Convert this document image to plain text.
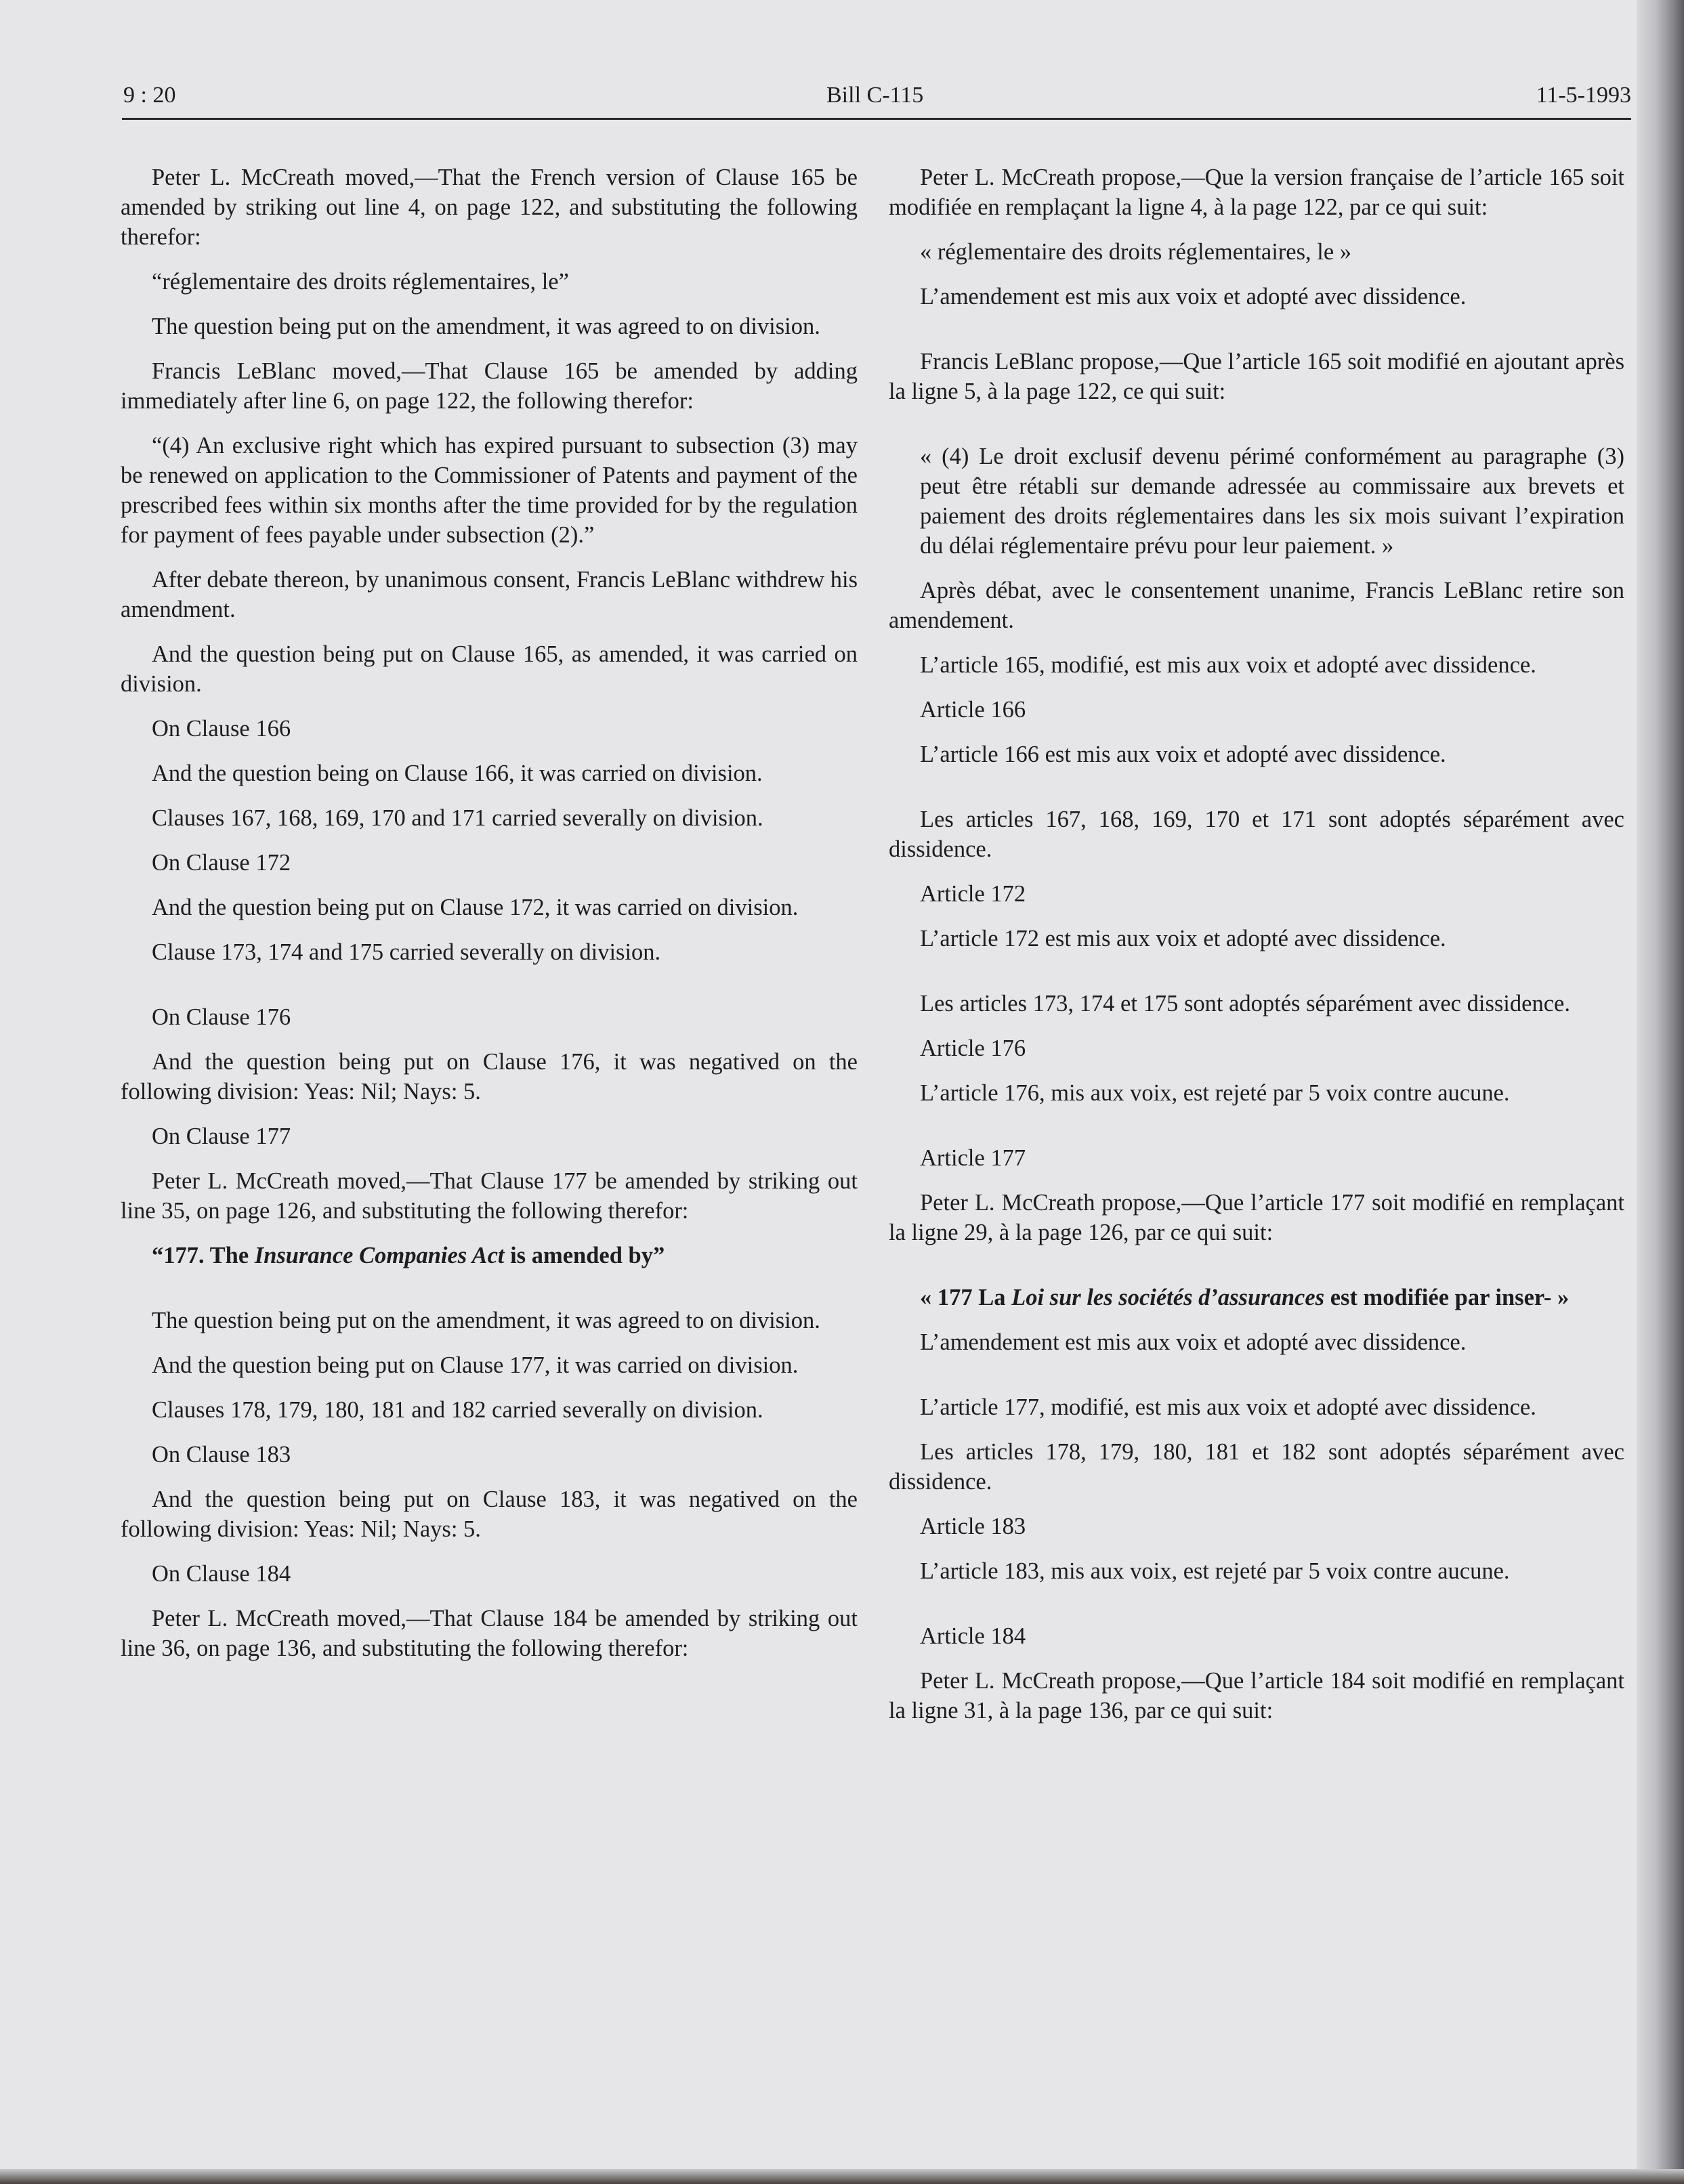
9 : 20	Bill C-115	11-5-1993

Peter L. McCreath moved,—That the French version of Clause 165 be amended by striking out line 4, on page 122, and substituting the following therefor:

“réglementaire des droits réglementaires, le”

The question being put on the amendment, it was agreed to on division.

Francis LeBlanc moved,—That Clause 165 be amended by adding immediately after line 6, on page 122, the following therefor:

“(4) An exclusive right which has expired pursuant to subsection (3) may be renewed on application to the Commissioner of Patents and payment of the prescribed fees within six months after the time provided for by the regulation for payment of fees payable under subsection (2).”

After debate thereon, by unanimous consent, Francis LeBlanc withdrew his amendment.

And the question being put on Clause 165, as amended, it was carried on division.

On Clause 166

And the question being on Clause 166, it was carried on division.

Clauses 167, 168, 169, 170 and 171 carried severally on division.

On Clause 172

And the question being put on Clause 172, it was carried on division.

Clause 173, 174 and 175 carried severally on division.

On Clause 176

And the question being put on Clause 176, it was negatived on the following division: Yeas: Nil; Nays: 5.

On Clause 177

Peter L. McCreath moved,—That Clause 177 be amended by striking out line 35, on page 126, and substituting the following therefor:

“177. The Insurance Companies Act is amended by”

The question being put on the amendment, it was agreed to on division.

And the question being put on Clause 177, it was carried on division.

Clauses 178, 179, 180, 181 and 182 carried severally on division.

On Clause 183

And the question being put on Clause 183, it was negatived on the following division: Yeas: Nil; Nays: 5.

On Clause 184

Peter L. McCreath moved,—That Clause 184 be amended by striking out line 36, on page 136, and substituting the following therefor:

Peter L. McCreath propose,—Que la version française de l’article 165 soit modifiée en remplaçant la ligne 4, à la page 122, par ce qui suit:

« réglementaire des droits réglementaires, le »

L’amendement est mis aux voix et adopté avec dissidence.

Francis LeBlanc propose,—Que l’article 165 soit modifié en ajoutant après la ligne 5, à la page 122, ce qui suit:

« (4) Le droit exclusif devenu périmé conformément au paragraphe (3) peut être rétabli sur demande adressée au commissaire aux brevets et paiement des droits réglementaires dans les six mois suivant l’expiration du délai réglementaire prévu pour leur paiement. »

Après débat, avec le consentement unanime, Francis LeBlanc retire son amendement.

L’article 165, modifié, est mis aux voix et adopté avec dissidence.

Article 166

L’article 166 est mis aux voix et adopté avec dissidence.

Les articles 167, 168, 169, 170 et 171 sont adoptés séparément avec dissidence.

Article 172

L’article 172 est mis aux voix et adopté avec dissidence.

Les articles 173, 174 et 175 sont adoptés séparément avec dissidence.

Article 176

L’article 176, mis aux voix, est rejeté par 5 voix contre aucune.

Article 177

Peter L. McCreath propose,—Que l’article 177 soit modifié en remplaçant la ligne 29, à la page 126, par ce qui suit:

« 177 La Loi sur les sociétés d’assurances est modifiée par inser- »

L’amendement est mis aux voix et adopté avec dissidence.

L’article 177, modifié, est mis aux voix et adopté avec dissidence.

Les articles 178, 179, 180, 181 et 182 sont adoptés séparément avec dissidence.

Article 183

L’article 183, mis aux voix, est rejeté par 5 voix contre aucune.

Article 184

Peter L. McCreath propose,—Que l’article 184 soit modifié en remplaçant la ligne 31, à la page 136, par ce qui suit:
